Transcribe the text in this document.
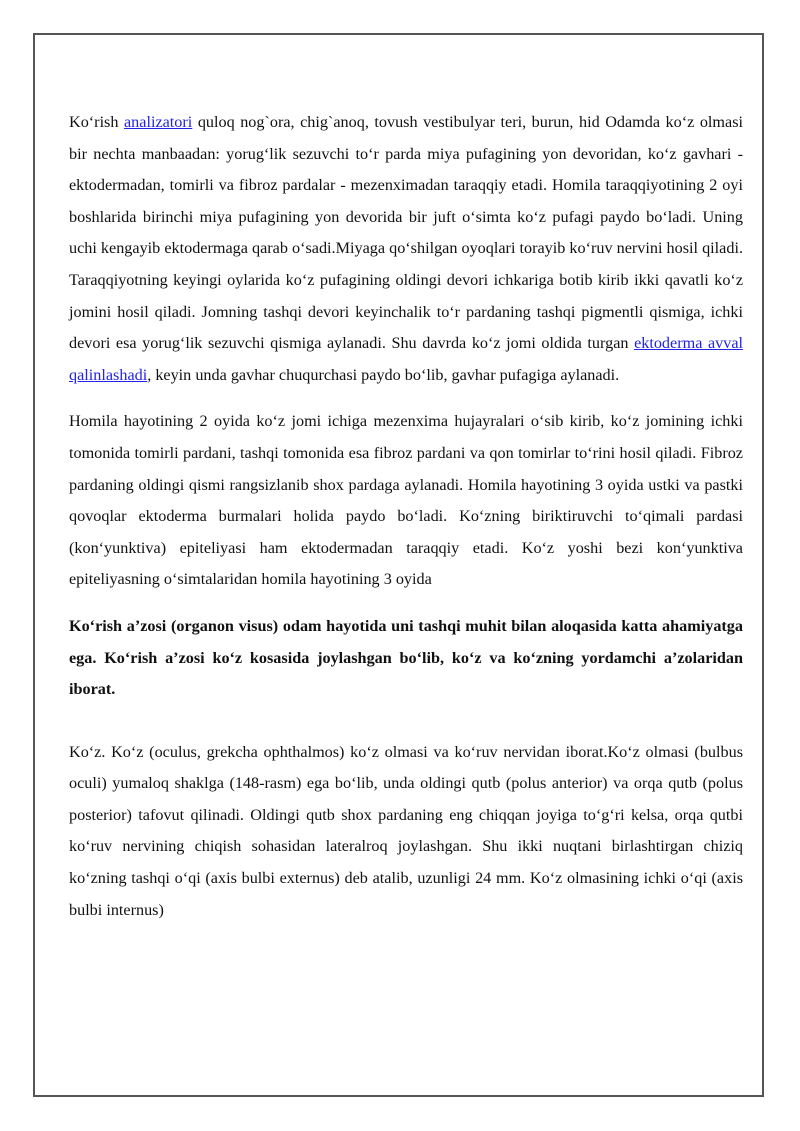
Ko‘rish analizatori quloq nog`ora, chig`anoq, tovush vestibulyar teri, burun, hid Odamda ko‘z olmasi bir nechta manbaadan: yorug‘lik sezuvchi to‘r parda miya pufagining yon devoridan, ko‘z gavhari -ektodermadan, tomirli va fibroz pardalar - mezenximadan taraqqiy etadi. Homila taraqqiyotining 2 oyi boshlarida birinchi miya pufagining yon devorida bir juft o‘simta ko‘z pufagi paydo bo‘ladi. Uning uchi kengayib ektodermaga qarab o‘sadi.Miyaga qo‘shilgan oyoqlari torayib ko‘ruv nervini hosil qiladi. Taraqqiyotning keyingi oylarida ko‘z pufagining oldingi devori ichkariga botib kirib ikki qavatli ko‘z jomini hosil qiladi. Jomning tashqi devori keyinchalik to‘r pardaning tashqi pigmentli qismiga, ichki devori esa yorug‘lik sezuvchi qismiga aylanadi. Shu davrda ko‘z jomi oldida turgan ektoderma avval qalinlashadi, keyin unda gavhar chuqurchasi paydo bo‘lib, gavhar pufagiga aylanadi.

Homila hayotining 2 oyida ko‘z jomi ichiga mezenxima hujayralari o‘sib kirib, ko‘z jomining ichki tomonida tomirli pardani, tashqi tomonida esa fibroz pardani va qon tomirlar to‘rini hosil qiladi. Fibroz pardaning oldingi qismi rangsizlanib shox pardaga aylanadi. Homila hayotining 3 oyida ustki va pastki qovoqlar ektoderma burmalari holida paydo bo‘ladi. Ko‘zning biriktiruvchi to‘qimali pardasi (kon‘yunktiva) epiteliyasi ham ektodermadan taraqqiy etadi. Ko‘z yoshi bezi kon‘yunktiva epiteliyasning o‘simtalaridan homila hayotining 3 oyida

Ko‘rish a’zosi (organon visus) odam hayotida uni tashqi muhit bilan aloqasida katta ahamiyatga ega. Ko‘rish a’zosi ko‘z kosasida joylashgan bo‘lib, ko‘z va ko‘zning yordamchi a’zolaridan iborat.

Ko‘z. Ko‘z (oculus, grekcha ophthalmos) ko‘z olmasi va ko‘ruv nervidan iborat.Ko‘z olmasi (bulbus oculi) yumaloq shaklga (148-rasm) ega bo‘lib, unda oldingi qutb (polus anterior) va orqa qutb (polus posterior) tafovut qilinadi. Oldingi qutb shox pardaning eng chiqqan joyiga to‘g‘ri kelsa, orqa qutbi ko‘ruv nervining chiqish sohasidan lateralroq joylashgan. Shu ikki nuqtani birlashtirgan chiziq ko‘zning tashqi o‘qi (axis bulbi externus) deb atalib, uzunligi 24 mm. Ko‘z olmasining ichki o‘qi (axis bulbi internus)
